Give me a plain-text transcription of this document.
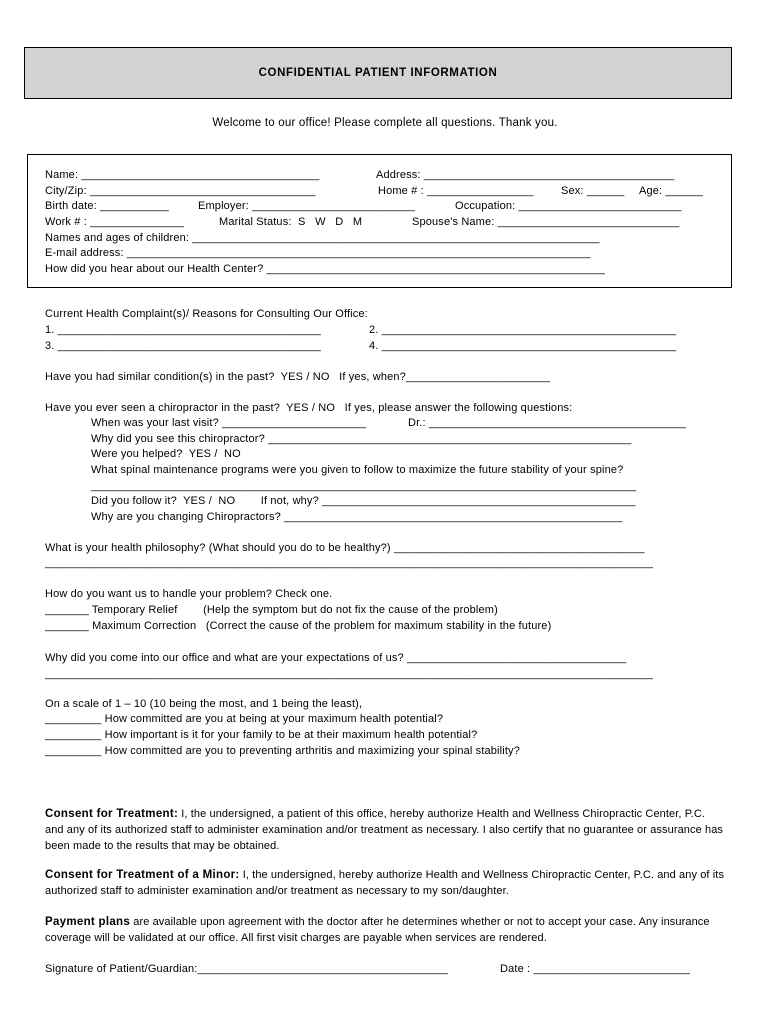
CONFIDENTIAL PATIENT INFORMATION
Welcome to our office! Please complete all questions. Thank you.
Name: ______________________________________	Address: ________________________________________
City/Zip: ____________________________________	Home # : _________________ Sex: ______ Age: ______
Birth date: ___________	Employer: __________________________	Occupation: __________________________
Work # : _______________	Marital Status:  S   W   D   M	Spouse's Name: _____________________________
Names and ages of children: _________________________________________________________________
E-mail address: __________________________________________________________________________
How did you hear about our Health Center? ______________________________________________________
Current Health Complaint(s)/ Reasons for Consulting Our Office:
1. __________________________________________	2. _______________________________________________
3. __________________________________________	4. _______________________________________________
Have you had similar condition(s) in the past?  YES / NO   If yes, when?_______________________
Have you ever seen a chiropractor in the past?  YES / NO   If yes, please answer the following questions:
When was your last visit? _______________________	Dr.: _________________________________________
Why did you see this chiropractor? __________________________________________________________
Were you helped?  YES /  NO
What spinal maintenance programs were you given to follow to maximize the future stability of your spine?
_______________________________________________________________________________________
Did you follow it?  YES /  NO        If not, why? __________________________________________________
Why are you changing Chiropractors? ______________________________________________________
What is your health philosophy? (What should you do to be healthy?) ________________________________________
_________________________________________________________________________________________________
How do you want us to handle your problem? Check one.
_______ Temporary Relief        (Help the symptom but do not fix the cause of the problem)
_______ Maximum Correction   (Correct the cause of the problem for maximum stability in the future)
Why did you come into our office and what are your expectations of us? ___________________________________
_________________________________________________________________________________________________
On a scale of 1 – 10 (10 being the most, and 1 being the least),
_________ How committed are you at being at your maximum health potential?
_________ How important is it for your family to be at their maximum health potential?
_________ How committed are you to preventing arthritis and maximizing your spinal stability?
Consent for Treatment: I, the undersigned, a patient of this office, hereby authorize Health and Wellness Chiropractic Center, P.C. and any of its authorized staff to administer examination and/or treatment as necessary. I also certify that no guarantee or assurance has been made to the results that may be obtained.
Consent for Treatment of a Minor: I, the undersigned, hereby authorize Health and Wellness Chiropractic Center, P.C. and any of its authorized staff to administer examination and/or treatment as necessary to my son/daughter.
Payment plans are available upon agreement with the doctor after he determines whether or not to accept your case. Any insurance coverage will be validated at our office. All first visit charges are payable when services are rendered.
Signature of Patient/Guardian:________________________________________	Date : _________________________
